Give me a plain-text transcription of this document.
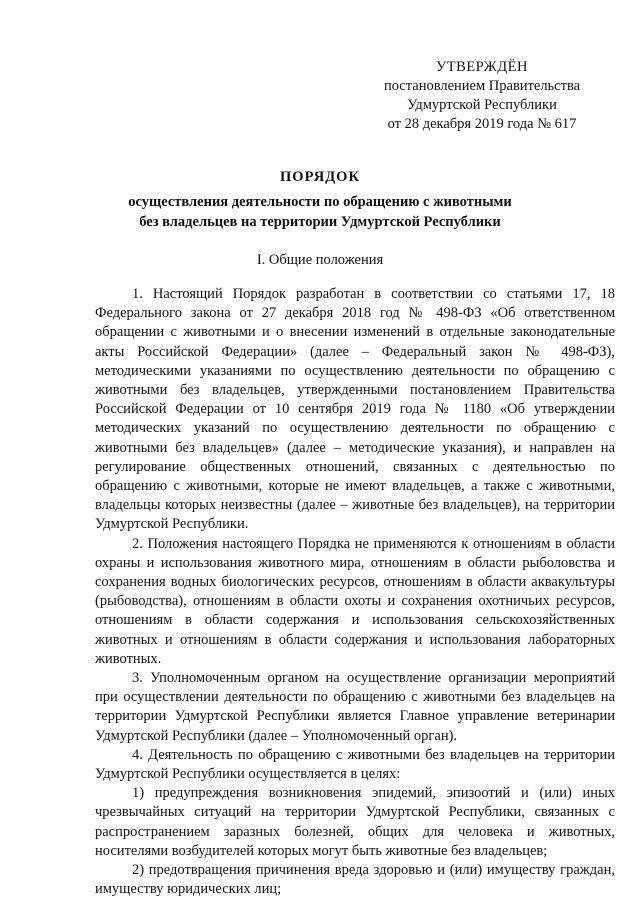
УТВЕРЖДЁН
постановлением Правительства
Удмуртской Республики
от 28 декабря 2019 года № 617
ПОРЯДОК
осуществления деятельности по обращению с животными
без владельцев на территории Удмуртской Республики
I. Общие положения

1. Настоящий Порядок разработан в соответствии со статьями 17, 18 Федерального закона от 27 декабря 2018 год № 498-ФЗ «Об ответственном обращении с животными и о внесении изменений в отдельные законодательные акты Российской Федерации» (далее – Федеральный закон № 498-ФЗ), методическими указаниями по осуществлению деятельности по обращению с животными без владельцев, утвержденными постановлением Правительства Российской Федерации от 10 сентября 2019 года № 1180 «Об утверждении методических указаний по осуществлению деятельности по обращению с животными без владельцев» (далее – методические указания), и направлен на регулирование общественных отношений, связанных с деятельностью по обращению с животными, которые не имеют владельцев, а также с животными, владельцы которых неизвестны (далее – животные без владельцев), на территории Удмуртской Республики.

2. Положения настоящего Порядка не применяются к отношениям в области охраны и использования животного мира, отношениям в области рыболовства и сохранения водных биологических ресурсов, отношениям в области аквакультуры (рыбоводства), отношениям в области охоты и сохранения охотничьих ресурсов, отношениям в области содержания и использования сельскохозяйственных животных и отношениям в области содержания и использования лабораторных животных.

3. Уполномоченным органом на осуществление организации мероприятий при осуществлении деятельности по обращению с животными без владельцев на территории Удмуртской Республики является Главное управление ветеринарии Удмуртской Республики (далее – Уполномоченный орган).

4. Деятельность по обращению с животными без владельцев на территории Удмуртской Республики осуществляется в целях:

1) предупреждения возникновения эпидемий, эпизоотий и (или) иных чрезвычайных ситуаций на территории Удмуртской Республики, связанных с распространением заразных болезней, общих для человека и животных, носителями возбудителей которых могут быть животные без владельцев;

2) предотвращения причинения вреда здоровью и (или) имуществу граждан, имуществу юридических лиц;
